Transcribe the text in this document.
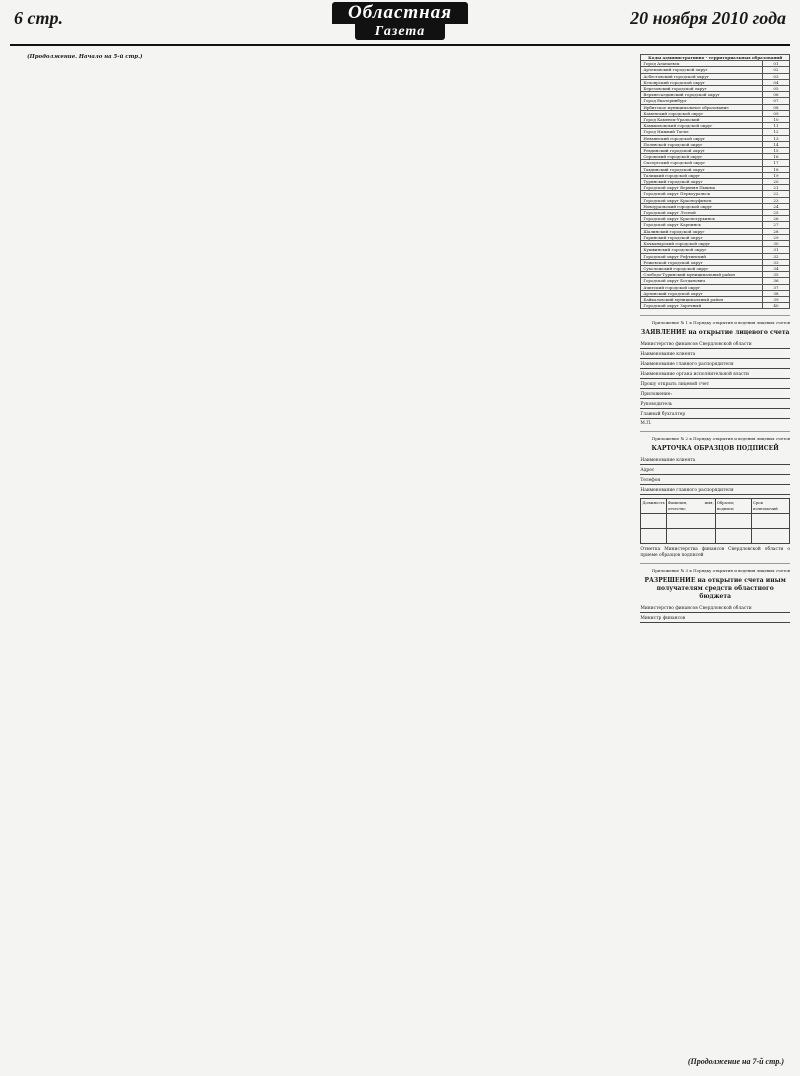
6 стр.	Областная
Газета
20 ноября 2010 года

(Продолжение. Начало на 5-й стр.)	Коды административно - территориальных образований	
Город Алапаевск	01
Артемовский городской округ	02
Асбестовский городской округ	03
Белоярский городской округ	04
Березовский городской округ	05
Верхнесалдинский городской округ	06
Город Екатеринбург	07
Ирбитское муниципальное образование	08
Каменский городской округ	09
Город Каменск-Уральский	10
Камышловский городской округ	11
Город Нижний Тагил	12
Невьянский городской округ	13
Полевской городской округ	14
Ревдинский городской округ	15
Серовский городской округ	16
Сысертский городской округ	17
Тавдинский городской округ	18
Талицкий городской округ	19
Туринский городской округ	20
Городской округ Верхняя Пышма	21
Городской округ Первоуральск	22
Городской округ Красноуфимск	23
Новоуральский городской округ	24
Городской округ Лесной	25
Городской округ Краснотурьинск	26
Городской округ Карпинск	27
Шалинский городской округ	28
Гаринский городской округ	29
Качканарский городской округ	30
Кушвинский городской округ	31
Городской округ Рефтинский	32
Режевской городской округ	33
Сухоложский городской округ	34
Слободо-Туринский муниципальный район	35
Городской округ Богданович	36
Ачитский городской округ	37
Артинский городской округ	38
Байкаловский муниципальный район	39
Городской округ Заречный	40
Приложение № 1 к Порядку открытия и ведения лицевых счетов
ЗАЯВЛЕНИЕ на открытие лицевого счета
Министерство финансов Свердловской области
Наименование клиента
Наименование главного распорядителя
Наименование органа исполнительной власти
Прошу открыть лицевой счет
Приложение:
Руководитель
Главный бухгалтер
М.П.
Приложение № 2 к Порядку открытия и ведения лицевых счетов
КАРТОЧКА ОБРАЗЦОВ ПОДПИСЕЙ
Наименование клиента
Адрес
Телефон
Наименование главного распорядителя
Должность	Фамилия, имя, отчество	Образец подписи	Срок полномочий

Отметка Министерства финансов Свердловской области о приеме образцов подписей
Приложение № 3 к Порядку открытия и ведения лицевых счетов
РАЗРЕШЕНИЕ на открытие счета иным получателям средств областного бюджета
Министерство финансов Свердловской области
Министр финансов
(Продолжение на 7-й стр.)
